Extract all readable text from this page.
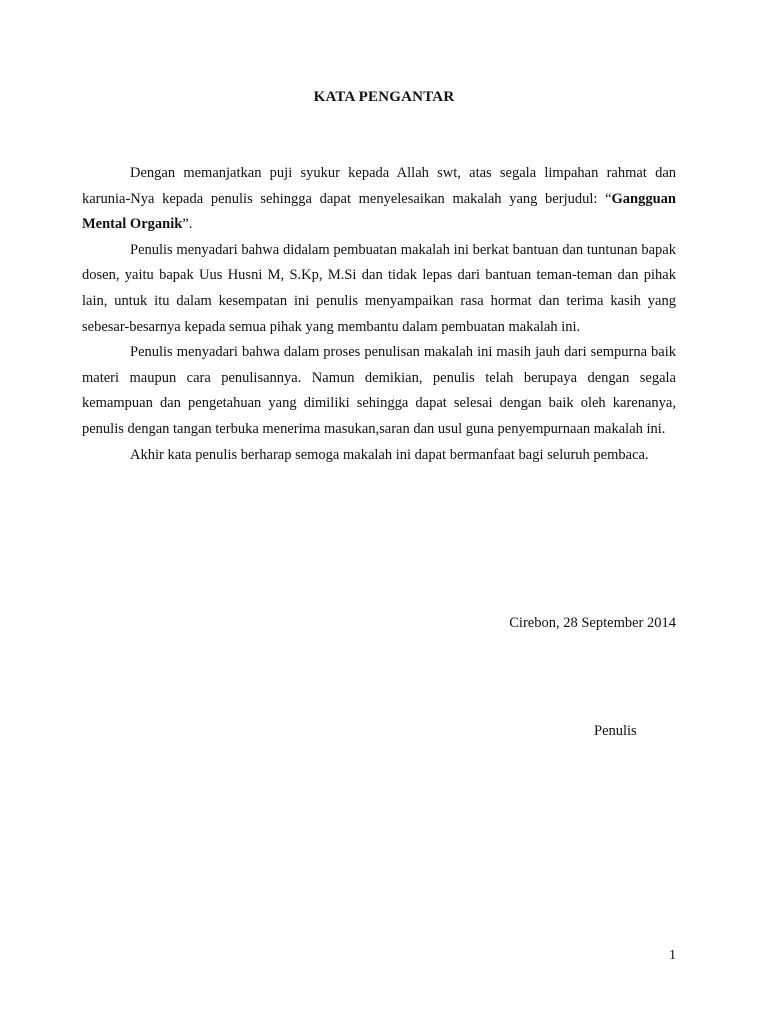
KATA PENGANTAR

Dengan memanjatkan puji syukur kepada Allah swt, atas segala limpahan rahmat dan karunia-Nya kepada penulis sehingga dapat menyelesaikan makalah yang berjudul: “Gangguan Mental Organik”.

Penulis menyadari bahwa didalam pembuatan makalah ini berkat bantuan dan tuntunan bapak dosen, yaitu bapak Uus Husni M, S.Kp, M.Si dan tidak lepas dari bantuan teman-teman dan pihak lain, untuk itu dalam kesempatan ini penulis menyampaikan rasa hormat dan terima kasih yang sebesar-besarnya kepada semua pihak yang membantu dalam pembuatan makalah ini.

Penulis menyadari bahwa dalam proses penulisan makalah ini masih jauh dari sempurna baik materi maupun cara penulisannya. Namun demikian, penulis telah berupaya dengan segala kemampuan dan pengetahuan yang dimiliki sehingga dapat selesai dengan baik oleh karenanya, penulis dengan tangan terbuka menerima masukan,saran dan usul guna penyempurnaan makalah ini.

Akhir kata penulis berharap semoga makalah ini dapat bermanfaat bagi seluruh pembaca.

Cirebon, 28 September 2014
Penulis
1
